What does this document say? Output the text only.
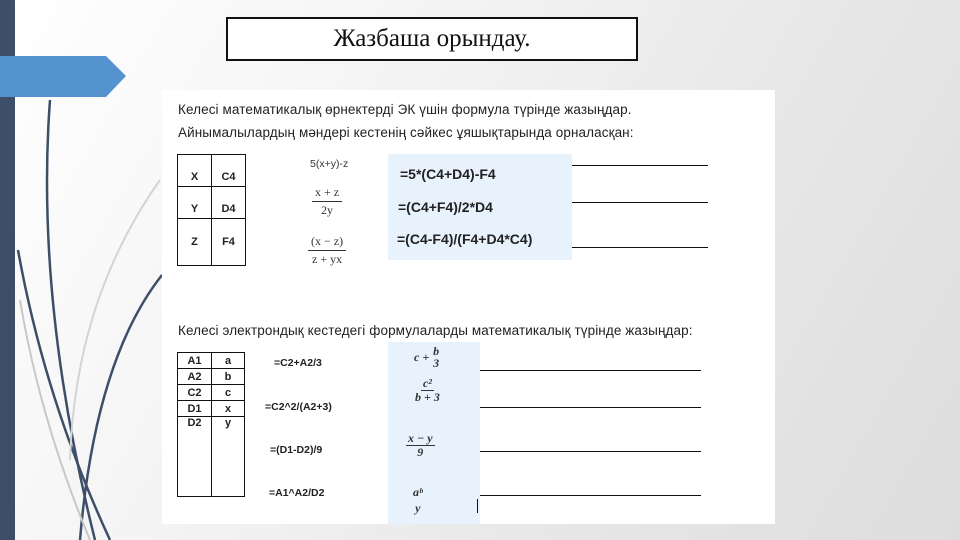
Жазбаша орындау.
Келесі математикалық өрнектерді ЭК үшін формула түрінде жазыңдар.
Айнымалылардың мәндері кестенің сәйкес ұяшықтарында орналасқан:
X	C4
Y	D4
Z	F4
5(x+y)-z
$\frac{x + z}{2y}$
$\frac{(x - z)}{z + yx}$
=5*(C4+D4)-F4
=(C4+F4)/2*D4
=(C4-F4)/(F4+D4*C4)
Келесі электрондық кестедегі формулаларды математикалық түрінде жазыңдар:
A1	a
A2	b
C2	c
D1	x
D2	y
=C2+A2/3
=C2^2/(A2+3)
=(D1-D2)/9
=A1^A2/D2
c + b
3
$\frac{\text{c²}}{b + 3}$
$\frac{x - y}{9}$
aᵇ
y
